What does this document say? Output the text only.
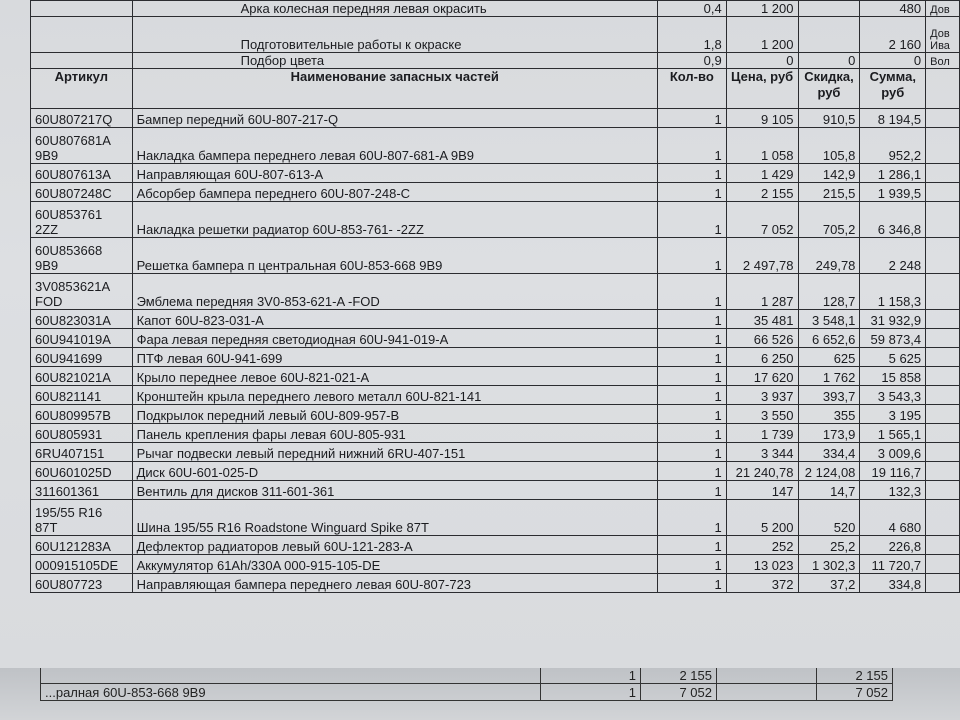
	Арка колесная передняя левая окрасить	0,4	1 200		480	Дов
	Подготовительные работы к окраске	1,8	1 200		2 160	Дов Ива
	Подбор цвета	0,9	0	0	0	Вол
Артикул	Наименование запасных частей	Кол-во	Цена, руб	Скидка, руб	Сумма, руб	
60U807217Q	Бампер передний 60U-807-217-Q	1	9 105	910,5	8 194,5	
60U807681A 9B9	Накладка бампера переднего левая 60U-807-681-A 9B9	1	1 058	105,8	952,2	
60U807613A	Направляющая 60U-807-613-A	1	1 429	142,9	1 286,1	
60U807248C	Абсорбер бампера переднего 60U-807-248-C	1	2 155	215,5	1 939,5	
60U853761 2ZZ	Накладка решетки радиатор 60U-853-761- -2ZZ	1	7 052	705,2	6 346,8	
60U853668 9B9	Решетка бампера п центральная 60U-853-668 9B9	1	2 497,78	249,78	2 248	
3V0853621A FOD	Эмблема передняя 3V0-853-621-A -FOD	1	1 287	128,7	1 158,3	
60U823031A	Капот 60U-823-031-A	1	35 481	3 548,1	31 932,9	
60U941019A	Фара левая передняя светодиодная 60U-941-019-A	1	66 526	6 652,6	59 873,4	
60U941699	ПТФ левая 60U-941-699	1	6 250	625	5 625	
60U821021A	Крыло переднее левое 60U-821-021-A	1	17 620	1 762	15 858	
60U821141	Кронштейн крыла переднего левого металл 60U-821-141	1	3 937	393,7	3 543,3	
60U809957B	Подкрылок передний левый 60U-809-957-B	1	3 550	355	3 195	
60U805931	Панель крепления фары левая 60U-805-931	1	1 739	173,9	1 565,1	
6RU407151	Рычаг подвески левый передний нижний 6RU-407-151	1	3 344	334,4	3 009,6	
60U601025D	Диск 60U-601-025-D	1	21 240,78	2 124,08	19 116,7	
311601361	Вентиль для дисков 311-601-361	1	147	14,7	132,3	
195/55 R16 87T	Шина 195/55 R16 Roadstone Winguard Spike 87T	1	5 200	520	4 680	
60U121283A	Дефлектор радиаторов левый 60U-121-283-A	1	252	25,2	226,8	
000915105DE	Аккумулятор 61Ah/330A 000-915-105-DE	1	13 023	1 302,3	11 720,7	
60U807723	Направляющая бампера переднего левая 60U-807-723	1	372	37,2	334,8	
	1	2 155		2 155
...ралная 60U-853-668 9B9	1	7 052		7 052
